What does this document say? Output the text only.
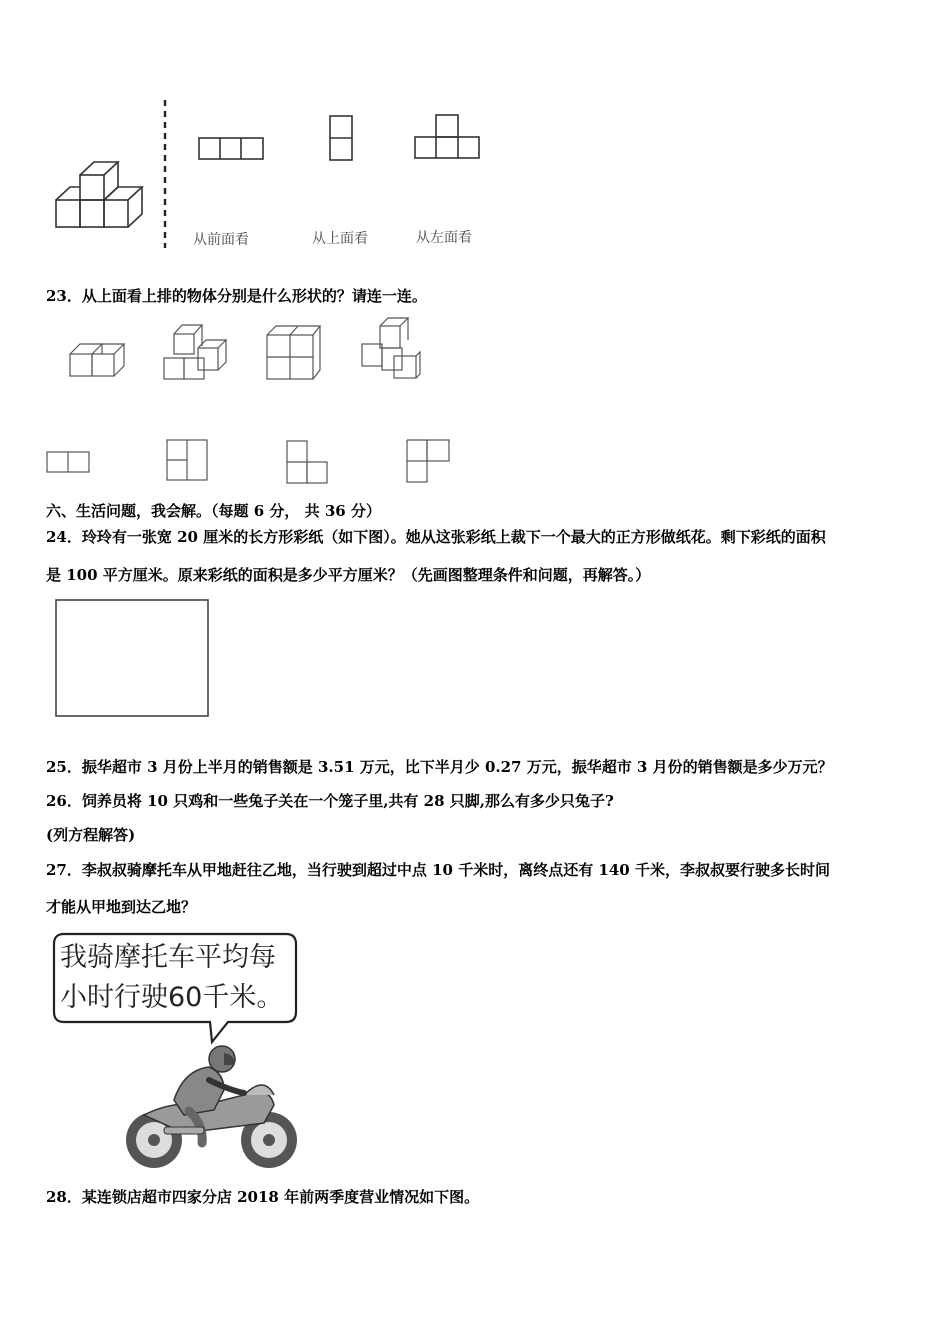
从前面看	从上面看	从左面看
23．从上面看上排的物体分别是什么形状的？请连一连。
六、生活问题，我会解。（每题 6 分， 共 36 分）
24．玲玲有一张宽 20 厘米的长方形彩纸（如下图）。她从这张彩纸上裁下一个最大的正方形做纸花。剩下彩纸的面积
是 100 平方厘米。原来彩纸的面积是多少平方厘米？（先画图整理条件和问题，再解答。）
25．振华超市 3 月份上半月的销售额是 3.51 万元，比下半月少 0.27 万元，振华超市 3 月份的销售额是多少万元？
26．饲养员将 10 只鸡和一些兔子关在一个笼子里,共有 28 只脚,那么有多少只兔子?
(列方程解答)
27．李叔叔骑摩托车从甲地赶往乙地，当行驶到超过中点 10 千米时，离终点还有 140 千米，李叔叔要行驶多长时间
才能从甲地到达乙地？
我骑摩托车平均每
小时行驶60千米。
28．某连锁店超市四家分店 2018 年前两季度营业情况如下图。
